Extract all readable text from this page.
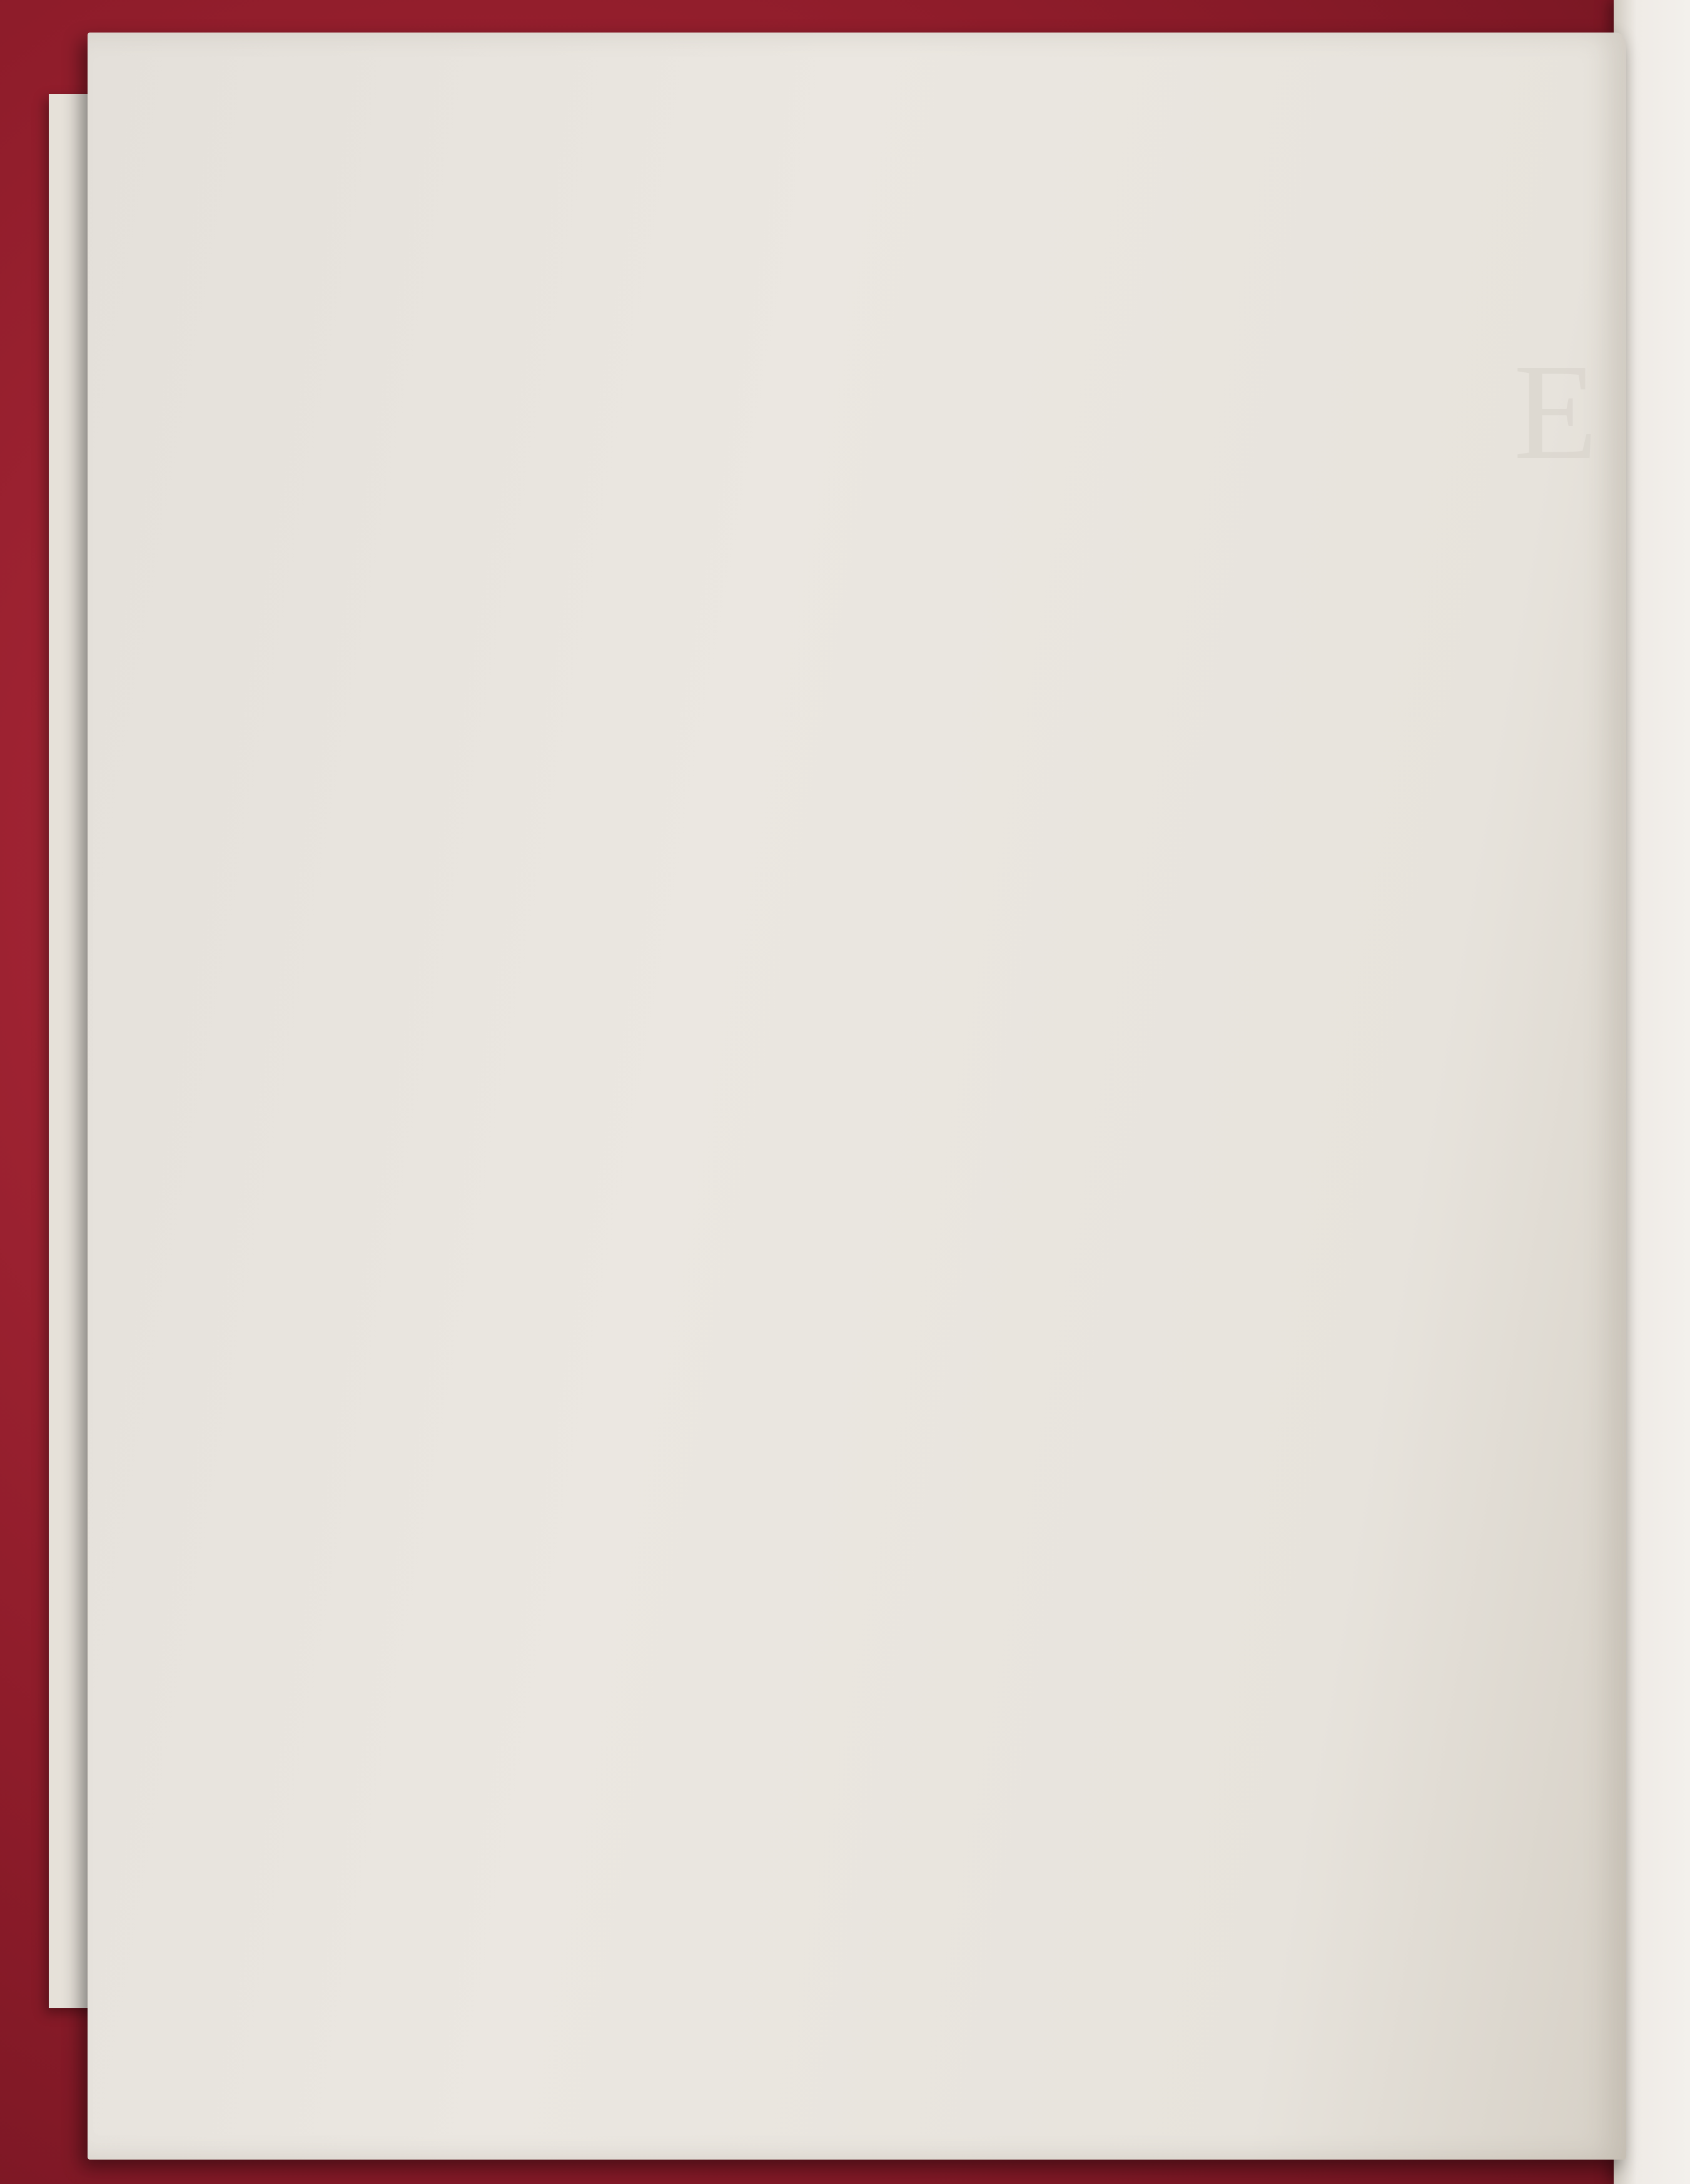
E
